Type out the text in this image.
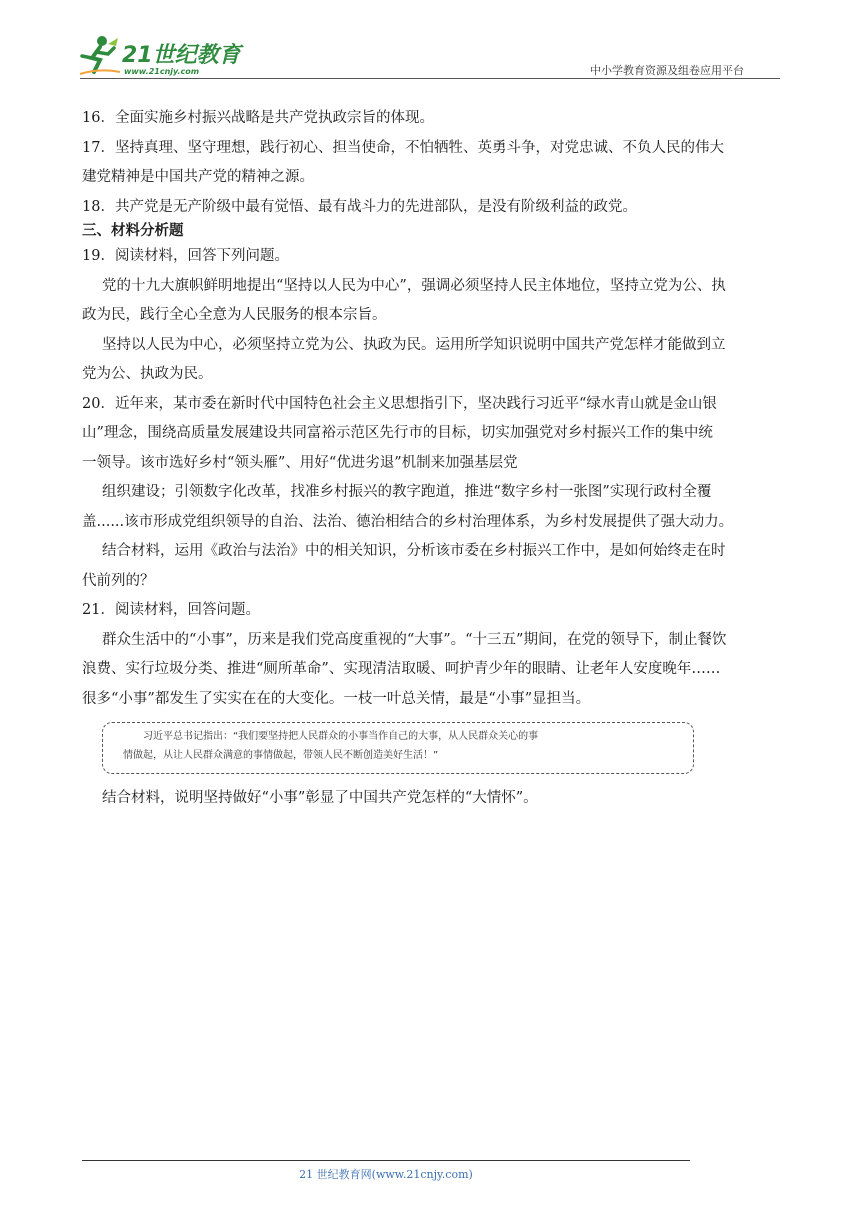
21世纪教育
www.21cnjy.com	中小学教育资源及组卷应用平台

16．全面实施乡村振兴战略是共产党执政宗旨的体现。

17．坚持真理、坚守理想，践行初心、担当使命，不怕牺牲、英勇斗争，对党忠诚、不负人民的伟大

建党精神是中国共产党的精神之源。

18．共产党是无产阶级中最有觉悟、最有战斗力的先进部队，是没有阶级利益的政党。

三、材料分析题

19．阅读材料，回答下列问题。

党的十九大旗帜鲜明地提出“坚持以人民为中心”，强调必须坚持人民主体地位，坚持立党为公、执

政为民，践行全心全意为人民服务的根本宗旨。

坚持以人民为中心，必须坚持立党为公、执政为民。运用所学知识说明中国共产党怎样才能做到立

党为公、执政为民。

20．近年来，某市委在新时代中国特色社会主义思想指引下，坚决践行习近平“绿水青山就是金山银

山”理念，围绕高质量发展建设共同富裕示范区先行市的目标，切实加强党对乡村振兴工作的集中统

一领导。该市选好乡村“领头雁”、用好“优进劣退”机制来加强基层党

组织建设；引领数字化改革，找准乡村振兴的教字跑道，推进“数字乡村一张图”实现行政村全覆

盖......该市形成党组织领导的自治、法治、德治相结合的乡村治理体系，为乡村发展提供了强大动力。

结合材料，运用《政治与法治》中的相关知识，分析该市委在乡村振兴工作中，是如何始终走在时

代前列的？

21．阅读材料，回答问题。

群众生活中的“小事”，历来是我们党高度重视的“大事”。“十三五”期间，在党的领导下，制止餐饮

浪费、实行垃圾分类、推进“厕所革命”、实现清洁取暖、呵护青少年的眼睛、让老年人安度晚年……

很多“小事”都发生了实实在在的大变化。一枝一叶总关情，最是“小事”显担当。

习近平总书记指出：“我们要坚持把人民群众的小事当作自己的大事，从人民群众关心的事
情做起，从让人民群众满意的事情做起，带领人民不断创造美好生活！”

结合材料，说明坚持做好“小事”彰显了中国共产党怎样的“大情怀”。

21 世纪教育网(www.21cnjy.com)
